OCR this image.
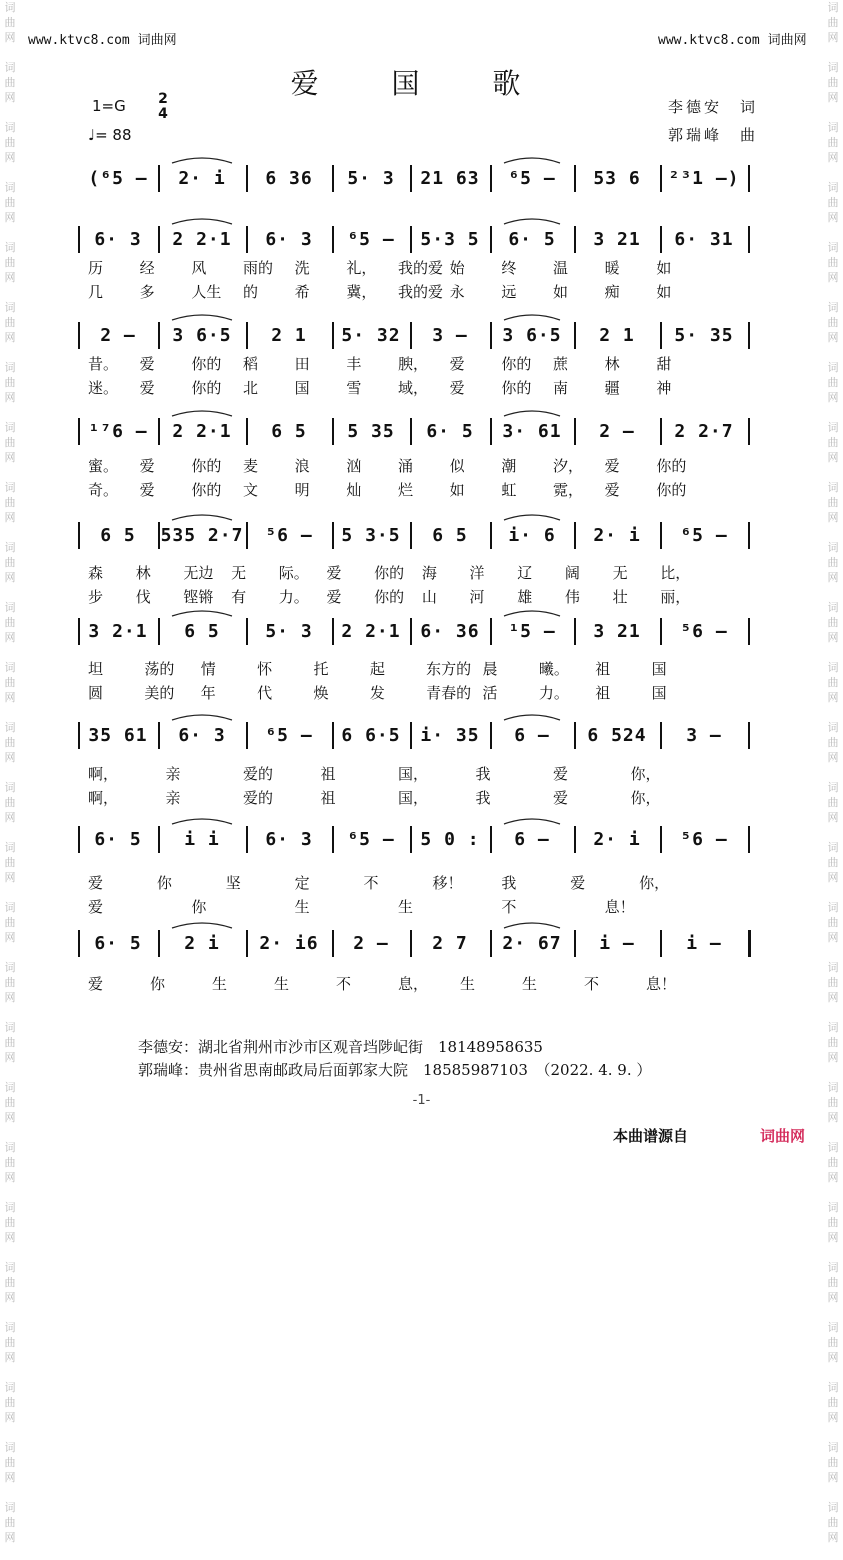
词
曲
网

词
曲
网

词
曲
网

词
曲
网

词
曲
网

词
曲
网

词
曲
网

词
曲
网

词
曲
网

词
曲
网

词
曲
网

词
曲
网

词
曲
网

词
曲
网

词
曲
网

词
曲
网

词
曲
网

词
曲
网

词
曲
网

词
曲
网

词
曲
网

词
曲
网

词
曲
网

词
曲
网

词
曲
网

词
曲
网

词
曲
网

词
曲
网

词
曲
网

词
曲
网

词
曲
网

词
曲
网

词
曲
网

词
曲
网

词
曲
网

词
曲
网

词
曲
网

词
曲
网

词
曲
网

词
曲
网

词
曲
网

词
曲
网

词
曲
网

词
曲
网

词
曲
网

词
曲
网

词
曲
网

词
曲
网

词
曲
网

词
曲
网

词
曲
网

词
曲
网

www.ktvc8.com 词曲网	www.ktvc8.com 词曲网
爱 国 歌
1=G 2
4
♩= 88
李德安　词
郭瑞峰　曲
(⁶5 –	2· i	6 36	5· 3	21 63	⁶5 –	53 6	²³1 –)
6· 3	2 2·1	6· 3	⁶5 –	5·3 5	6· 5	3 21	6· 31
2 –	3 6·5	2 1	5· 32	3 –	3 6·5	2 1	5· 35
¹⁷6 –	2 2·1	6 5	5 35	6· 5	3· 61	2 –	2 2·7
6 5	535 2·7	⁵6 –	5 3·5	6 5	i· 6	2· i	⁶5 –
3 2·1	6 5	5· 3	2 2·1	6· 36	¹5 –	3 21	⁵6 –
35 61	6· 3	⁶5 –	6 6·5	i· 35	6 –	6 524	3 –
6· 5	i i	6· 3	⁶5 –	5 0 :	6 –	2· i	⁵6 –
6· 5	2 i	2· i6	2 –	2 7	2· 67	i –	i –
历 经 风 雨的 洗 礼， 我的爱 始 终 温 暖 如
几 多 人生 的 希 冀， 我的爱 永 远 如 痴 如
昔。 爱 你的 稻 田 丰 腴， 爱 你的 蔗 林 甜
迷。 爱 你的 北 国 雪 域， 爱 你的 南 疆 神
蜜。 爱 你的 麦 浪 汹 涌 似 潮 汐， 爱 你的
奇。 爱 你的 文 明 灿 烂 如 虹 霓， 爱 你的
森 林 无边 无 际。 爱 你的 海 洋 辽 阔 无 比，
步 伐 铿锵 有 力。 爱 你的 山 河 雄 伟 壮 丽，
坦	荡的 情	怀	托	起	东方的 晨	曦。 祖	国
圆	美的 年	代	焕	发	青春的 活	力。 祖	国
啊，	亲	爱的	祖	国，	我	爱	你，
啊，	亲	爱的	祖	国，	我	爱	你，
爱	你	坚	定	不	移！	我	爱	你，
爱	你	生	生	不	息！
爱	你	生	生	不	息， 生	生	不	息！
李德安：湖北省荆州市沙市区观音垱陟屺街　18148958635
郭瑞峰：贵州省思南邮政局后面郭家大院　18585987103　（2022. 4. 9. ）
-1-
本曲谱源自	词曲网
